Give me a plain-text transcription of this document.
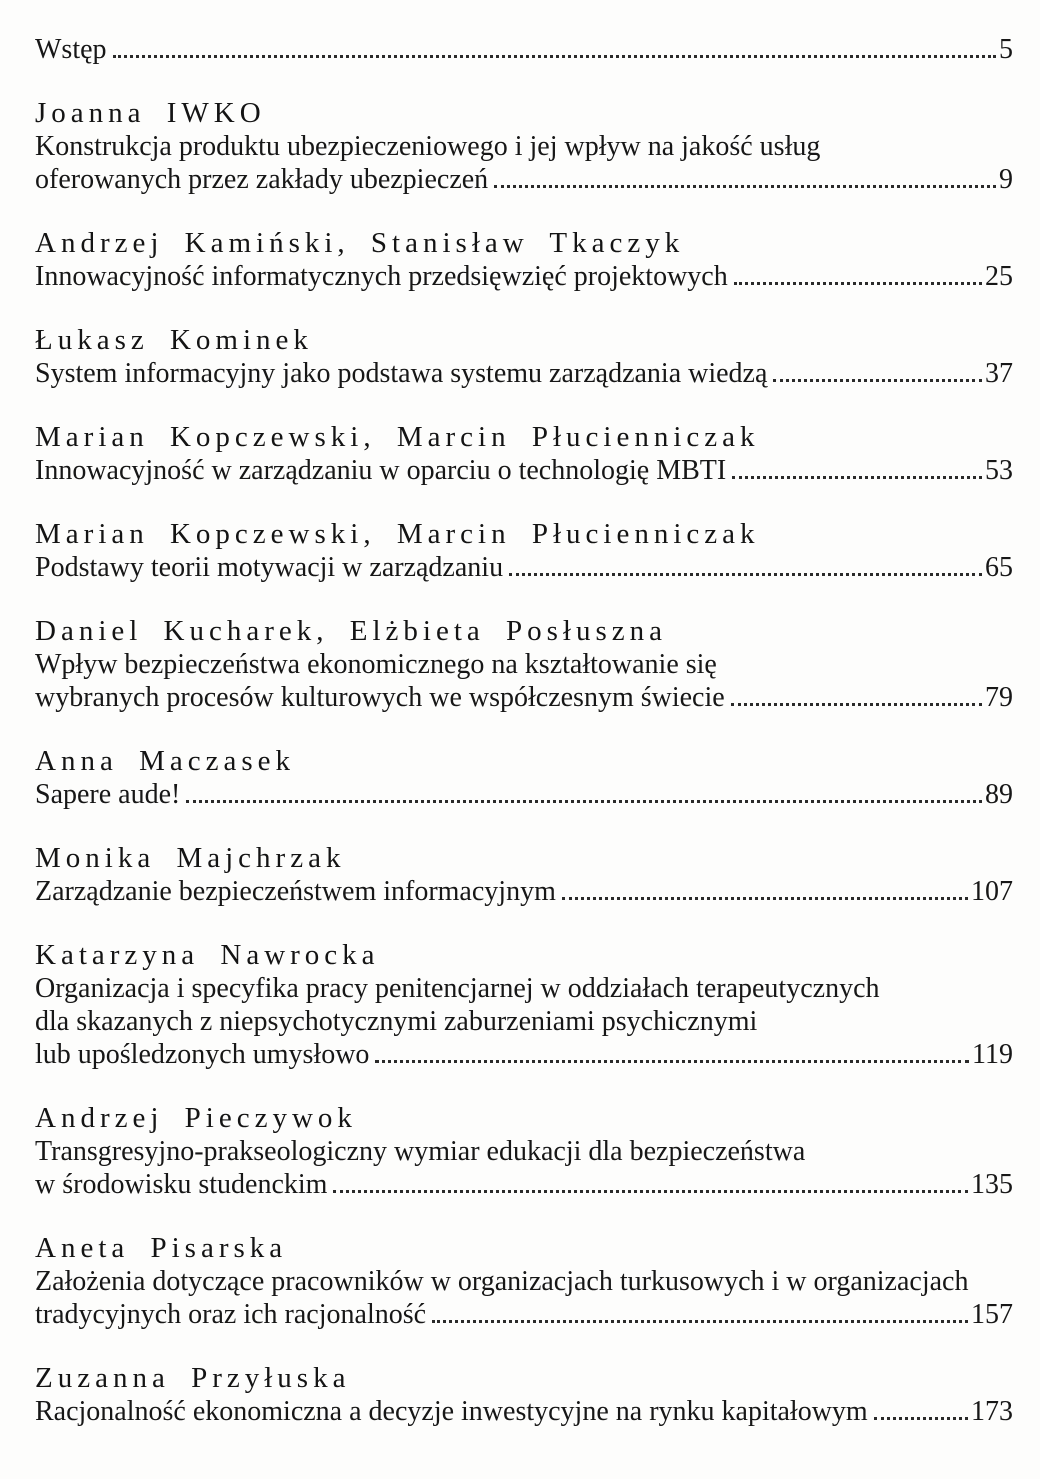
Wstęp	5
Joanna IWKO
Konstrukcja produktu ubezpieczeniowego i jej wpływ na jakość usług
oferowanych przez zakłady ubezpieczeń	9
Andrzej Kamiński, Stanisław Tkaczyk
Innowacyjność informatycznych przedsięwzięć projektowych	25
Łukasz Kominek
System informacyjny jako podstawa systemu zarządzania wiedzą	37
Marian Kopczewski, Marcin Płucienniczak
Innowacyjność w zarządzaniu w oparciu o technologię MBTI	53
Marian Kopczewski, Marcin Płucienniczak
Podstawy teorii motywacji w zarządzaniu	65
Daniel Kucharek, Elżbieta Posłuszna
Wpływ bezpieczeństwa ekonomicznego na kształtowanie się
wybranych procesów kulturowych we współczesnym świecie	79
Anna Maczasek
Sapere aude!	89
Monika Majchrzak
Zarządzanie bezpieczeństwem informacyjnym	107
Katarzyna Nawrocka
Organizacja i specyfika pracy penitencjarnej w oddziałach terapeutycznych
dla skazanych z niepsychotycznymi zaburzeniami psychicznymi
lub upośledzonych umysłowo	119
Andrzej Pieczywok
Transgresyjno-prakseologiczny wymiar edukacji dla bezpieczeństwa
w środowisku studenckim	135
Aneta Pisarska
Założenia dotyczące pracowników w organizacjach turkusowych i w organizacjach
tradycyjnych oraz ich racjonalność	157
Zuzanna Przyłuska
Racjonalność ekonomiczna a decyzje inwestycyjne na rynku kapitałowym	173
